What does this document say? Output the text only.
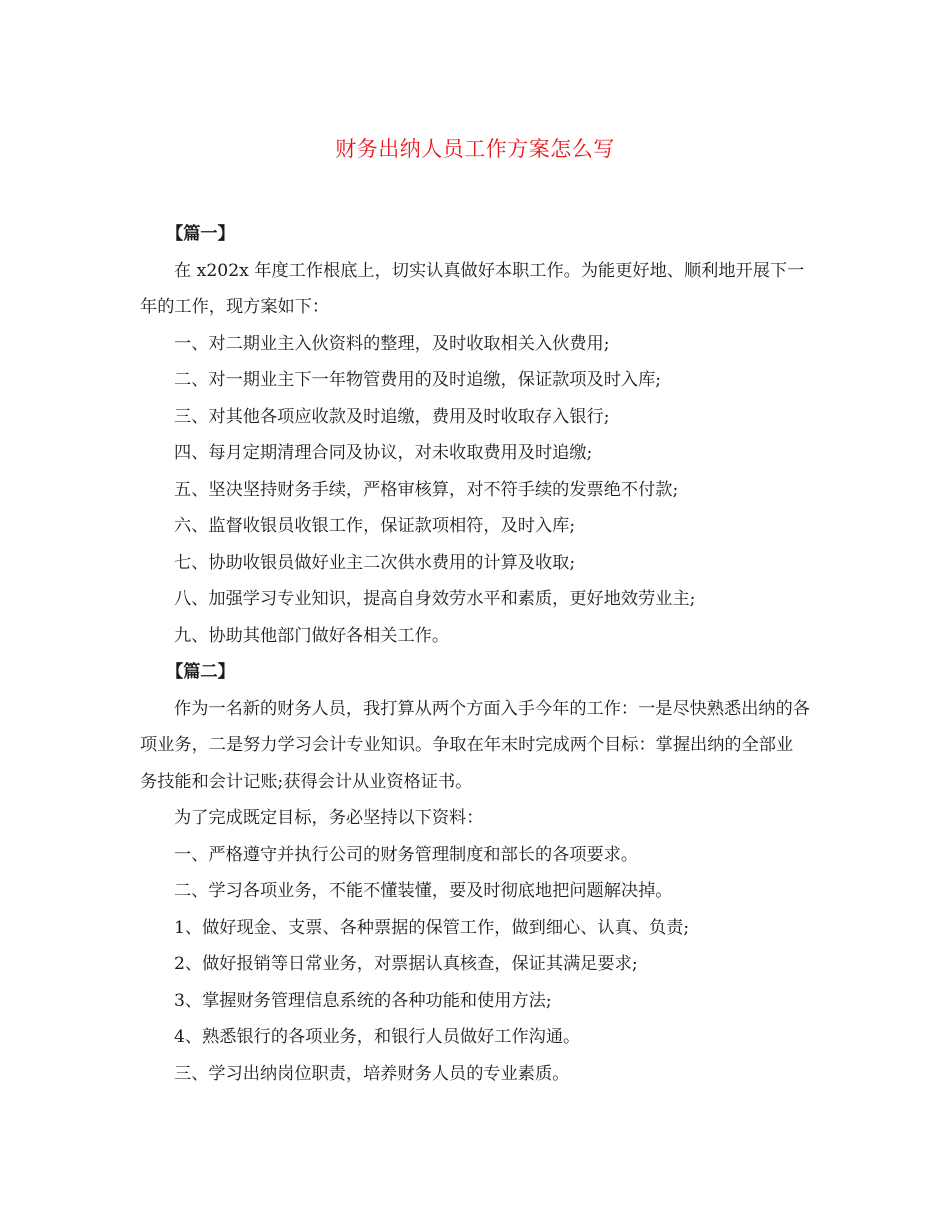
财务出纳人员工作方案怎么写

【篇一】

在 x202x 年度工作根底上，切实认真做好本职工作。为能更好地、顺利地开展下一年的工作，现方案如下：

一、对二期业主入伙资料的整理，及时收取相关入伙费用;

二、对一期业主下一年物管费用的及时追缴，保证款项及时入库;

三、对其他各项应收款及时追缴，费用及时收取存入银行;

四、每月定期清理合同及协议，对未收取费用及时追缴;

五、坚决坚持财务手续，严格审核算，对不符手续的发票绝不付款;

六、监督收银员收银工作，保证款项相符，及时入库;

七、协助收银员做好业主二次供水费用的计算及收取;

八、加强学习专业知识，提高自身效劳水平和素质，更好地效劳业主;

九、协助其他部门做好各相关工作。

【篇二】

作为一名新的财务人员，我打算从两个方面入手今年的工作：一是尽快熟悉出纳的各项业务，二是努力学习会计专业知识。争取在年末时完成两个目标：掌握出纳的全部业务技能和会计记账;获得会计从业资格证书。

为了完成既定目标，务必坚持以下资料：

一、严格遵守并执行公司的财务管理制度和部长的各项要求。

二、学习各项业务，不能不懂装懂，要及时彻底地把问题解决掉。

1、做好现金、支票、各种票据的保管工作，做到细心、认真、负责;

2、做好报销等日常业务，对票据认真核查，保证其满足要求;

3、掌握财务管理信息系统的各种功能和使用方法;

4、熟悉银行的各项业务，和银行人员做好工作沟通。

三、学习出纳岗位职责，培养财务人员的专业素质。
